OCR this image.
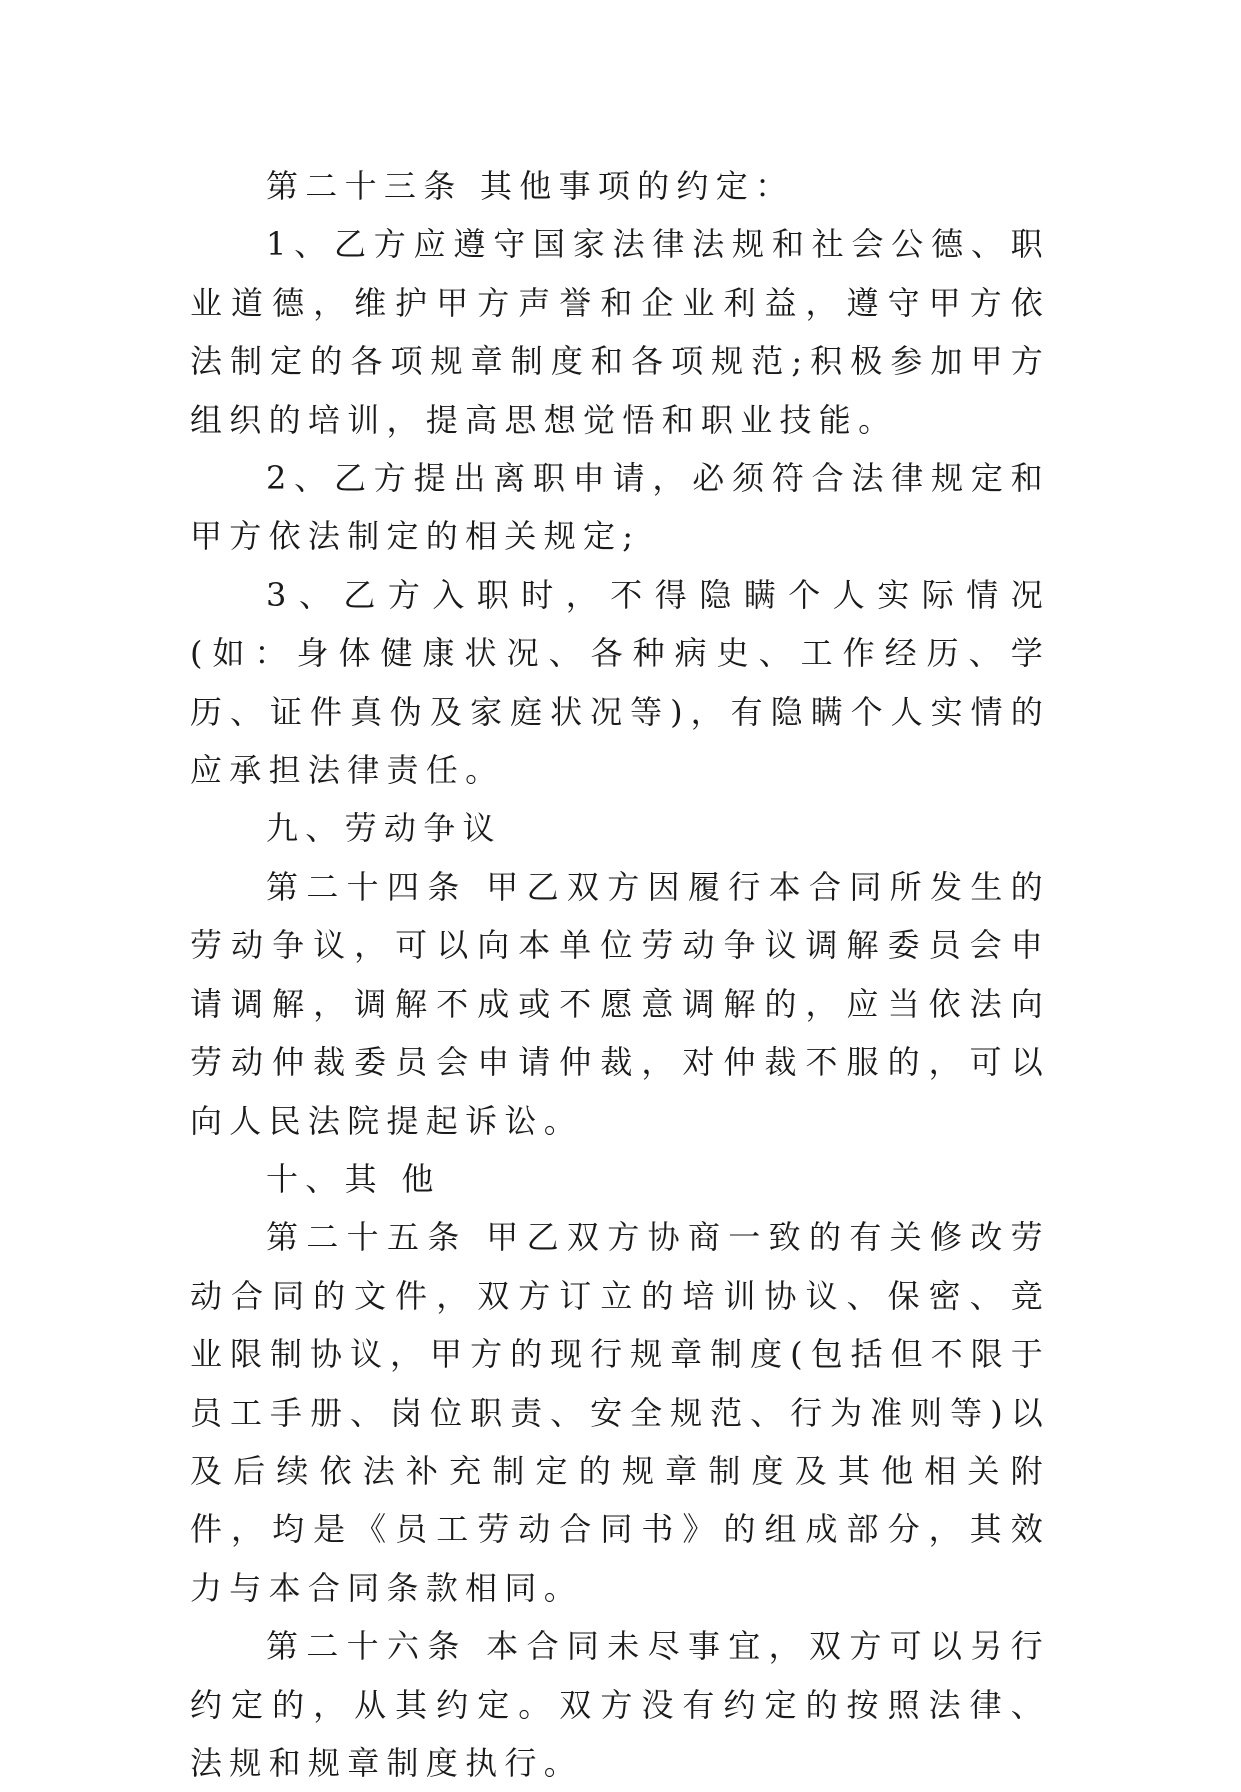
第二十三条 其他事项的约定：

1、乙方应遵守国家法律法规和社会公德、职业道德，维护甲方声誉和企业利益，遵守甲方依法制定的各项规章制度和各项规范;积极参加甲方组织的培训，提高思想觉悟和职业技能。

2、乙方提出离职申请，必须符合法律规定和甲方依法制定的相关规定;

3、乙方入职时，不得隐瞒个人实际情况(如：身体健康状况、各种病史、工作经历、学历、证件真伪及家庭状况等)，有隐瞒个人实情的应承担法律责任。

九、劳动争议

第二十四条 甲乙双方因履行本合同所发生的劳动争议，可以向本单位劳动争议调解委员会申请调解，调解不成或不愿意调解的，应当依法向劳动仲裁委员会申请仲裁，对仲裁不服的，可以向人民法院提起诉讼。

十、其 他

第二十五条 甲乙双方协商一致的有关修改劳动合同的文件，双方订立的培训协议、保密、竞业限制协议，甲方的现行规章制度(包括但不限于员工手册、岗位职责、安全规范、行为准则等)以及后续依法补充制定的规章制度及其他相关附件，均是《员工劳动合同书》的组成部分，其效力与本合同条款相同。

第二十六条 本合同未尽事宜，双方可以另行约定的，从其约定。双方没有约定的按照法律、法规和规章制度执行。
